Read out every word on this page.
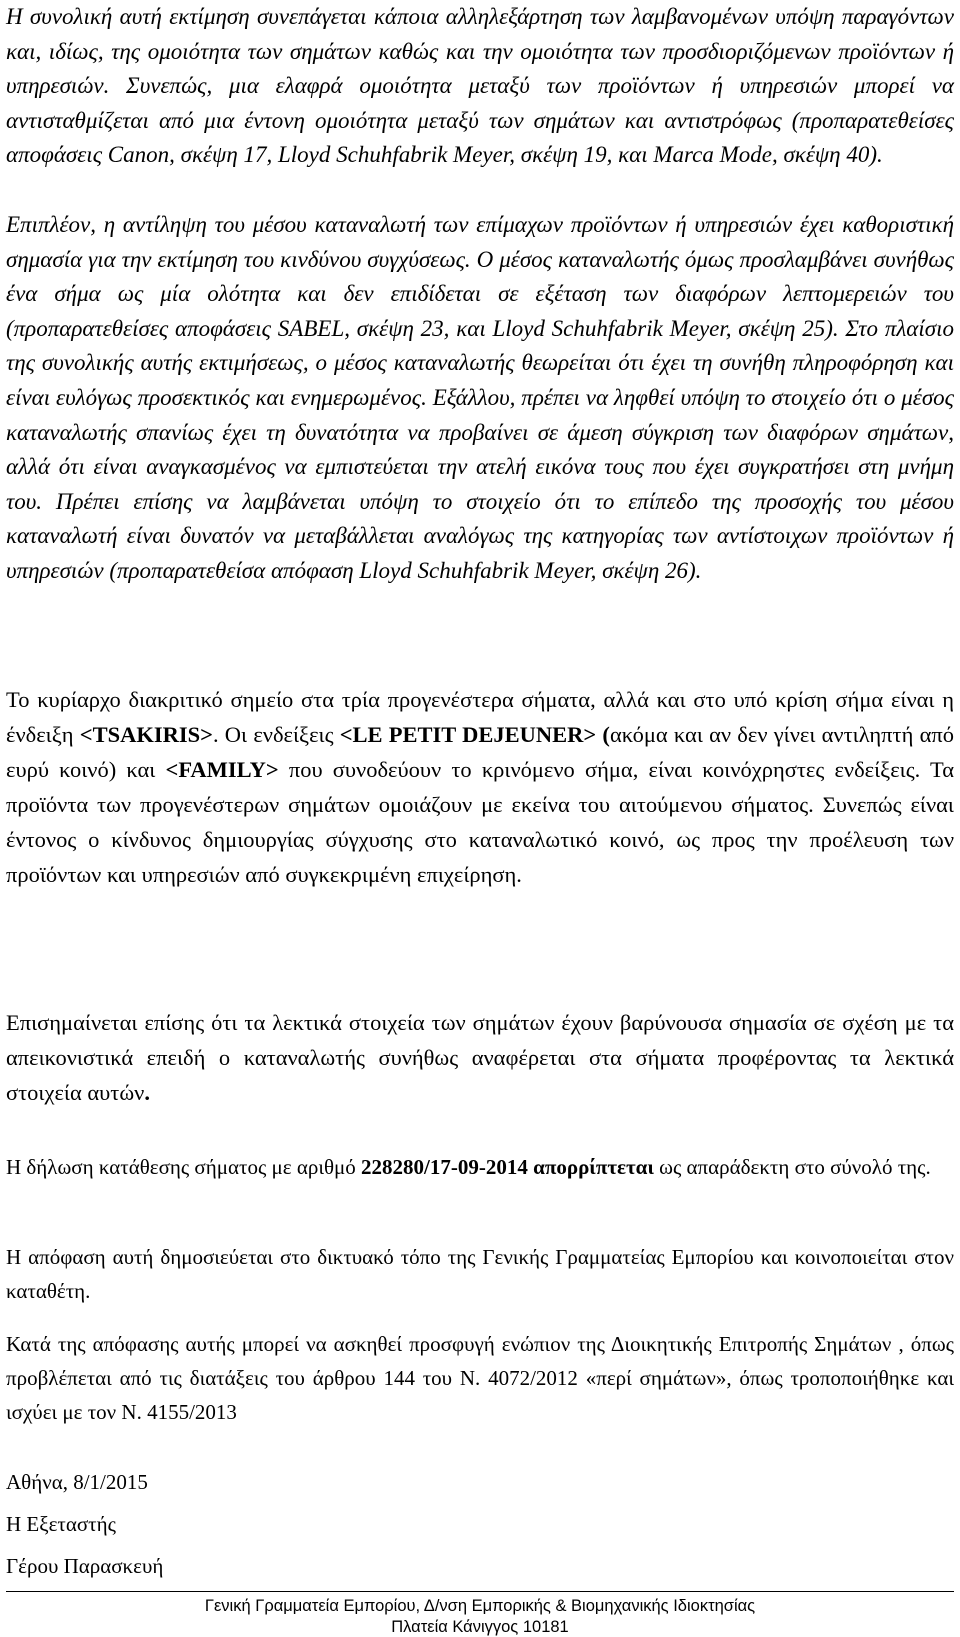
Η συνολική αυτή εκτίμηση συνεπάγεται κάποια αλληλεξάρτηση των λαμβανομένων υπόψη παραγόντων και, ιδίως, της ομοιότητα των σημάτων καθώς και την ομοιότητα των προσδιοριζόμενων προϊόντων ή υπηρεσιών. Συνεπώς, μια ελαφρά ομοιότητα μεταξύ των προϊόντων ή υπηρεσιών μπορεί να αντισταθμίζεται από μια έντονη ομοιότητα μεταξύ των σημάτων και αντιστρόφως (προπαρατεθείσες αποφάσεις Canon, σκέψη 17, Lloyd Schuhfabrik Meyer, σκέψη 19, και Marca Mode, σκέψη 40).

Επιπλέον, η αντίληψη του μέσου καταναλωτή των επίμαχων προϊόντων ή υπηρεσιών έχει καθοριστική σημασία για την εκτίμηση του κινδύνου συγχύσεως. Ο μέσος καταναλωτής όμως προσλαμβάνει συνήθως ένα σήμα ως μία ολότητα και δεν επιδίδεται σε εξέταση των διαφόρων λεπτομερειών του (προπαρατεθείσες αποφάσεις SABEL, σκέψη 23, και Lloyd Schuhfabrik Meyer, σκέψη 25). Στο πλαίσιο της συνολικής αυτής εκτιμήσεως, ο μέσος καταναλωτής θεωρείται ότι έχει τη συνήθη πληροφόρηση και είναι ευλόγως προσεκτικός και ενημερωμένος. Εξάλλου, πρέπει να ληφθεί υπόψη το στοιχείο ότι ο μέσος καταναλωτής σπανίως έχει τη δυνατότητα να προβαίνει σε άμεση σύγκριση των διαφόρων σημάτων, αλλά ότι είναι αναγκασμένος να εμπιστεύεται την ατελή εικόνα τους που έχει συγκρατήσει στη μνήμη του. Πρέπει επίσης να λαμβάνεται υπόψη το στοιχείο ότι το επίπεδο της προσοχής του μέσου καταναλωτή είναι δυνατόν να μεταβάλλεται αναλόγως της κατηγορίας των αντίστοιχων προϊόντων ή υπηρεσιών (προπαρατεθείσα απόφαση Lloyd Schuhfabrik Meyer, σκέψη 26).

Το κυρίαρχο διακριτικό σημείο στα τρία προγενέστερα σήματα, αλλά και στο υπό κρίση σήμα είναι η ένδειξη <TSAKIRIS>. Οι ενδείξεις <LE PETIT DEJEUNER> (ακόμα και αν δεν γίνει αντιληπτή από ευρύ κοινό) και <FAMILY> που συνοδεύουν το κρινόμενο σήμα, είναι κοινόχρηστες ενδείξεις. Τα προϊόντα των προγενέστερων σημάτων ομοιάζουν με εκείνα του αιτούμενου σήματος. Συνεπώς είναι έντονος ο κίνδυνος δημιουργίας σύγχυσης στο καταναλωτικό κοινό, ως προς την προέλευση των προϊόντων και υπηρεσιών από συγκεκριμένη επιχείρηση.

Επισημαίνεται επίσης ότι τα λεκτικά στοιχεία των σημάτων έχουν βαρύνουσα σημασία σε σχέση με τα απεικονιστικά επειδή ο καταναλωτής συνήθως αναφέρεται στα σήματα προφέροντας τα λεκτικά στοιχεία αυτών.

Η δήλωση κατάθεσης σήματος με αριθμό 228280/17-09-2014 απορρίπτεται ως απαράδεκτη στο σύνολό της.

Η απόφαση αυτή δημοσιεύεται στο δικτυακό τόπο της Γενικής Γραμματείας Εμπορίου και κοινοποιείται στον καταθέτη.

Κατά της απόφασης αυτής μπορεί να ασκηθεί προσφυγή ενώπιον της Διοικητικής Επιτροπής Σημάτων , όπως προβλέπεται από τις διατάξεις του άρθρου 144 του Ν. 4072/2012 «περί σημάτων», όπως τροποποιήθηκε και ισχύει με τον Ν. 4155/2013

Αθήνα, 8/1/2015

Η Εξεταστής

Γέρου Παρασκευή

Γενική Γραμματεία Εμπορίου, Δ/νση Εμπορικής & Βιομηχανικής Ιδιοκτησίας

Πλατεία Κάνιγγος 10181
